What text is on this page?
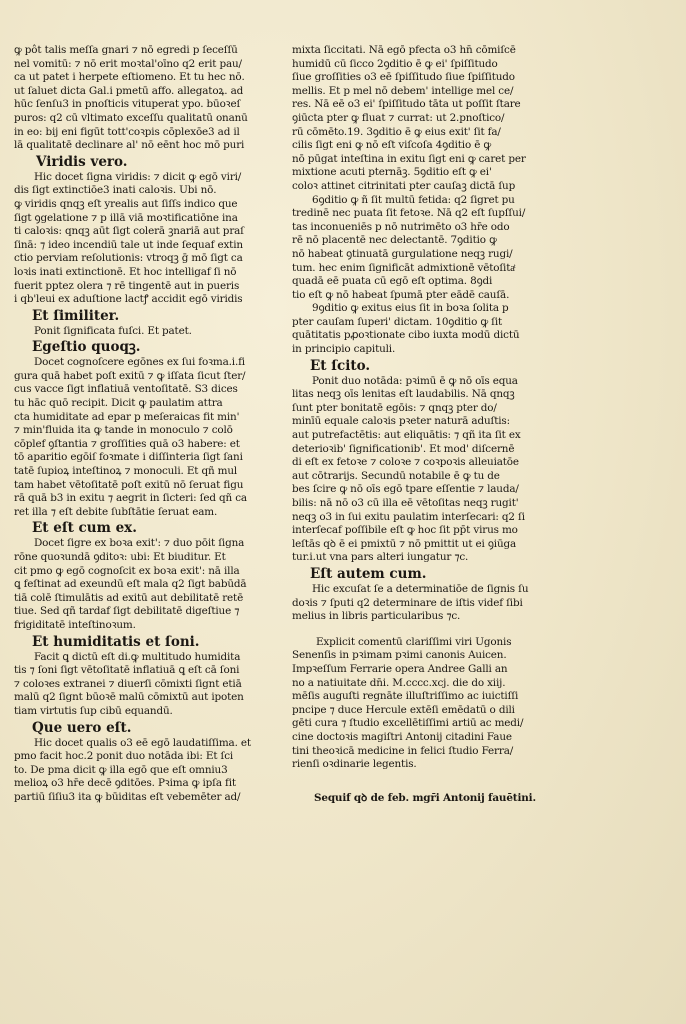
ꝙ pôt talis meſſa gnari ⁊ nō egredi p ſeceſſū
nel vomitū: ⁊ nō erit moꝛtal'oīno q2 erit pau/
ca ut patet i herpete eſtiomeno. Et tu hec nō.
ut ſaluet dicta Gal.i pmetū affo. allegatoꝝ. ad
hūc ſenſu3 in pnoſticis vituperat ypo. būoꝛeſ
puros: q2 cū vltimato exceſſu qualitatū onanū
in eo: bij eni figūt tott'coꝛpis cōplexōe3 ad il
lā qualitatē declinare al' nō eēnt hoc mō puri
Viridis vero.
Hic docet ſigna viridis: ⁊ dicit ꝙ egō viri/
dis ſigt extinctiōe3 inati caloꝛis. Ubi nō.
ꝙ viridis qnqꝫ eſt yrealis aut ſiſſs indico que
ſigt ꝯgelatione ⁊ p illā viā moꝛtificatiōne ina
ti caloꝛis: qnqꝫ aūt ſigt colerā ꝫnariā aut praſ
ſinā: ⁊ ideo incendiū tale ut inde ſequaf extin
ctio perviam reſolutionis: vtroqꝫ ḡ mō ſigt ca
loꝛis inati extinctionē. Et hoc intelligaf ſi nō
fuerit pptez olera ⁊ rē tingentē aut in pueris
i qb'leui ex aduſtione lactꝭ accidit egō viridis
Et ſimiliter.
Ponit ſignificata fuſci. Et patet.
Egeſtio quoqꝫ.
Docet cognoſcere egōnes ex ſui foꝛma.i.fi
gura quā habet poſt exitū ⁊ ꝙ iſſata ſicut ſter/
cus vacce ſigt inflatiuā ventoſitatē. S3 dices
tu hāc quō recipit. Dicit ꝙ paulatim attra
cta humiditate ad epar p meſeraicas fit min'
⁊ min'fluida ita ꝙ tande in monoculo ⁊ colō
cōplef ꝯſtantia ⁊ groſſities quā o3 habere: et
tō aparitio egōiſ foꝛmate i diſſinteria ſigt ſani
tatē ſupioꝝ inteſtinoꝝ ⁊ monoculi. Et qñ mul
tam habet vētoſitatē poſt exitū nō ſeruat figu
rā quā b3 in exitu ⁊ aegrit in ſicteri: ſed qñ ca
ret illa ⁊ eſt debite ſubſtātie ſeruat eam.
Et eſt cum ex.
Docet ſigre ex boꝛa exit': ⁊ duo pōit ſigna
rōne quoꝛundā ꝯditoꝛ: ubi: Et biuditur. Et
cit pmo ꝙ egō cognoſcit ex boꝛa exit': nā illa
ꝗ feſtinat ad exeundū eſt mala q2 ſigt babūdā
tiā colē ſtimulātis ad exitū aut debilitatē retē
tiue. Sed qñ tardaf ſigt debilitatē digeſtiue ⁊
frigiditatē inteſtinoꝛum.
Et humiditatis et ſoni.
Facit ꝗ dictū eſt di.ꝙ multitudo humidita
tis ⁊ ſoni ſigt vētoſitatē inflatiuā ꝗ eſt cā ſoni
⁊ coloꝛes extranei ⁊ diuerſi cōmixti ſignt etiā
malū q2 ſignt būoꝛē malū cōmixtū aut ipoten
tiam virtutis ſup cibū equandū.
Que uero eſt.
Hic docet qualis o3 eē egō laudatiſſima. et
pmo facit hoc.2 ponit duo notāda ibi: Et ſci
to. De pma dicit ꝙ illa egō que eſt omniu3
melioꝝ o3 hr̄e decē ꝯditōes. Pꝛima ꝙ ipſa fit
partiū ſiſiu3 ita ꝙ būiditas eſt vebemēter ad/
mixta ſiccitati. Nā egō pfecta o3 hn̄ cōmiſcē
humidū cū ſicco 2ꝯditio ē ꝙ ei' ſpiſſitudo
ſiue groſſities o3 eē ſpiſſitudo ſiue ſpiſſitudo
mellis. Et p mel nō debem' intellige mel ce/
res. Nā eē o3 ei' ſpiſſitudo tāta ut poſſit ſtare
ꝯiūcta pter ꝙ fluat ⁊ currat: ut 2.pnoſtico/
rū cōmēto.19. 3ꝯditio ē ꝙ eius exit' ſit fa/
cilis ſigt eni ꝙ nō eſt viſcoſa 4ꝯditio ē ꝙ
nō pūgat inteſtina in exitu ſigt eni ꝙ caret per
mixtione acuti pternāꝫ. 5ꝯditio eſt ꝙ ei'
coloꝛ attinet citrinitati pter cauſaꝫ dictā ſup
6ꝯditio ꝙ ñ ſit multū fetida: q2 ſigret pu
tredinē nec puata ſit fetoꝛe. Nā q2 eſt ſupſſui/
tas inconueniēs p nō nutrimēto o3 hr̄e odo
rē nō placentē nec delectantē. 7ꝯditio ꝙ
nō habeat ꝯtinuatā gurgulatione neqꝫ rugi/
tum. hec enim ſignificāt admixtionē vētoſitaͭ
quadā eē puata cū egō eſt optima. 8ꝯdi
tio eſt ꝙ nō habeat ſpumā pter eādē cauſā.
9ꝯditio ꝙ exitus eius ſit in boꝛa ſolita p
pter cauſam ſuperi' dictam. 10ꝯditio ꝙ ſit
quātitatis pꝓoꝛtionate cibo iuxta modū dictū
in principio capituli.
Et ſcito.
Ponit duo notāda: pꝛimū ē ꝙ nō oīs equa
litas neqꝫ oīs lenitas eſt laudabilis. Nā qnqꝫ
ſunt pter bonitatē egōis: ⁊ qnqꝫ pter do/
minīū equale caloꝛis pꝛeter naturā aduſtis:
aut putrefactētis: aut eliquātis: ⁊ qñ ita ſit ex
deterioꝛib' ſignificationib'. Et mod' diſcernē
di eſt ex fetoꝛe ⁊ coloꝛe ⁊ coꝛpoꝛis alleuiatōe
aut cōtrarijs. Secundū notabile ē ꝙ tu de
bes ſcire ꝙ nō oīs egō tpare eſſentie ⁊ lauda/
bilis: nā nō o3 cū illa eē vētoſitas neqꝫ rugit'
neqꝫ o3 in ſui exitu paulatim interſecari: q2 ſi
interſecaf poſſibile eſt ꝙ hoc ſit pp̄t virus mo
leſtās qꝺ ē ei pmixtū ⁊ nō pmittit ut ei ꝯiūga
tur.i.ut vna pars alteri iungatur ⁊c.
Eſt autem cum.
Hic excuſat ſe a determinatiōe de ſignis ſu
doꝛis ⁊ ſputi q2 determinare de iſtis videf ſibi
melius in libris particularibus ⁊c.
Explicit comentū clariſſimi viri Ugonis
Senenſis in pꝛimam pꝛimi canonis Auicen.
Impꝛeſſum Ferrarie opera Andree Galli an
no a natiuitate dn̄i. M.cccc.xcj. die do xiij.
mēſis auguſti regnāte illuſtriſſimo ac iuictiſſi
pncipe ⁊ duce Hercule extēſi emēdatū o dili
gēti cura ⁊ ſtudio excellētiſſimi artiū ac medi/
cine doctoꝛis magiſtri Antonij citadini Faue
tini theoꝛicā medicine in felici ſtudio Ferra/
rienſi oꝛdinarie legentis.
Sequif qꝺ de feb. mgr̄i Antonij fauētini.
